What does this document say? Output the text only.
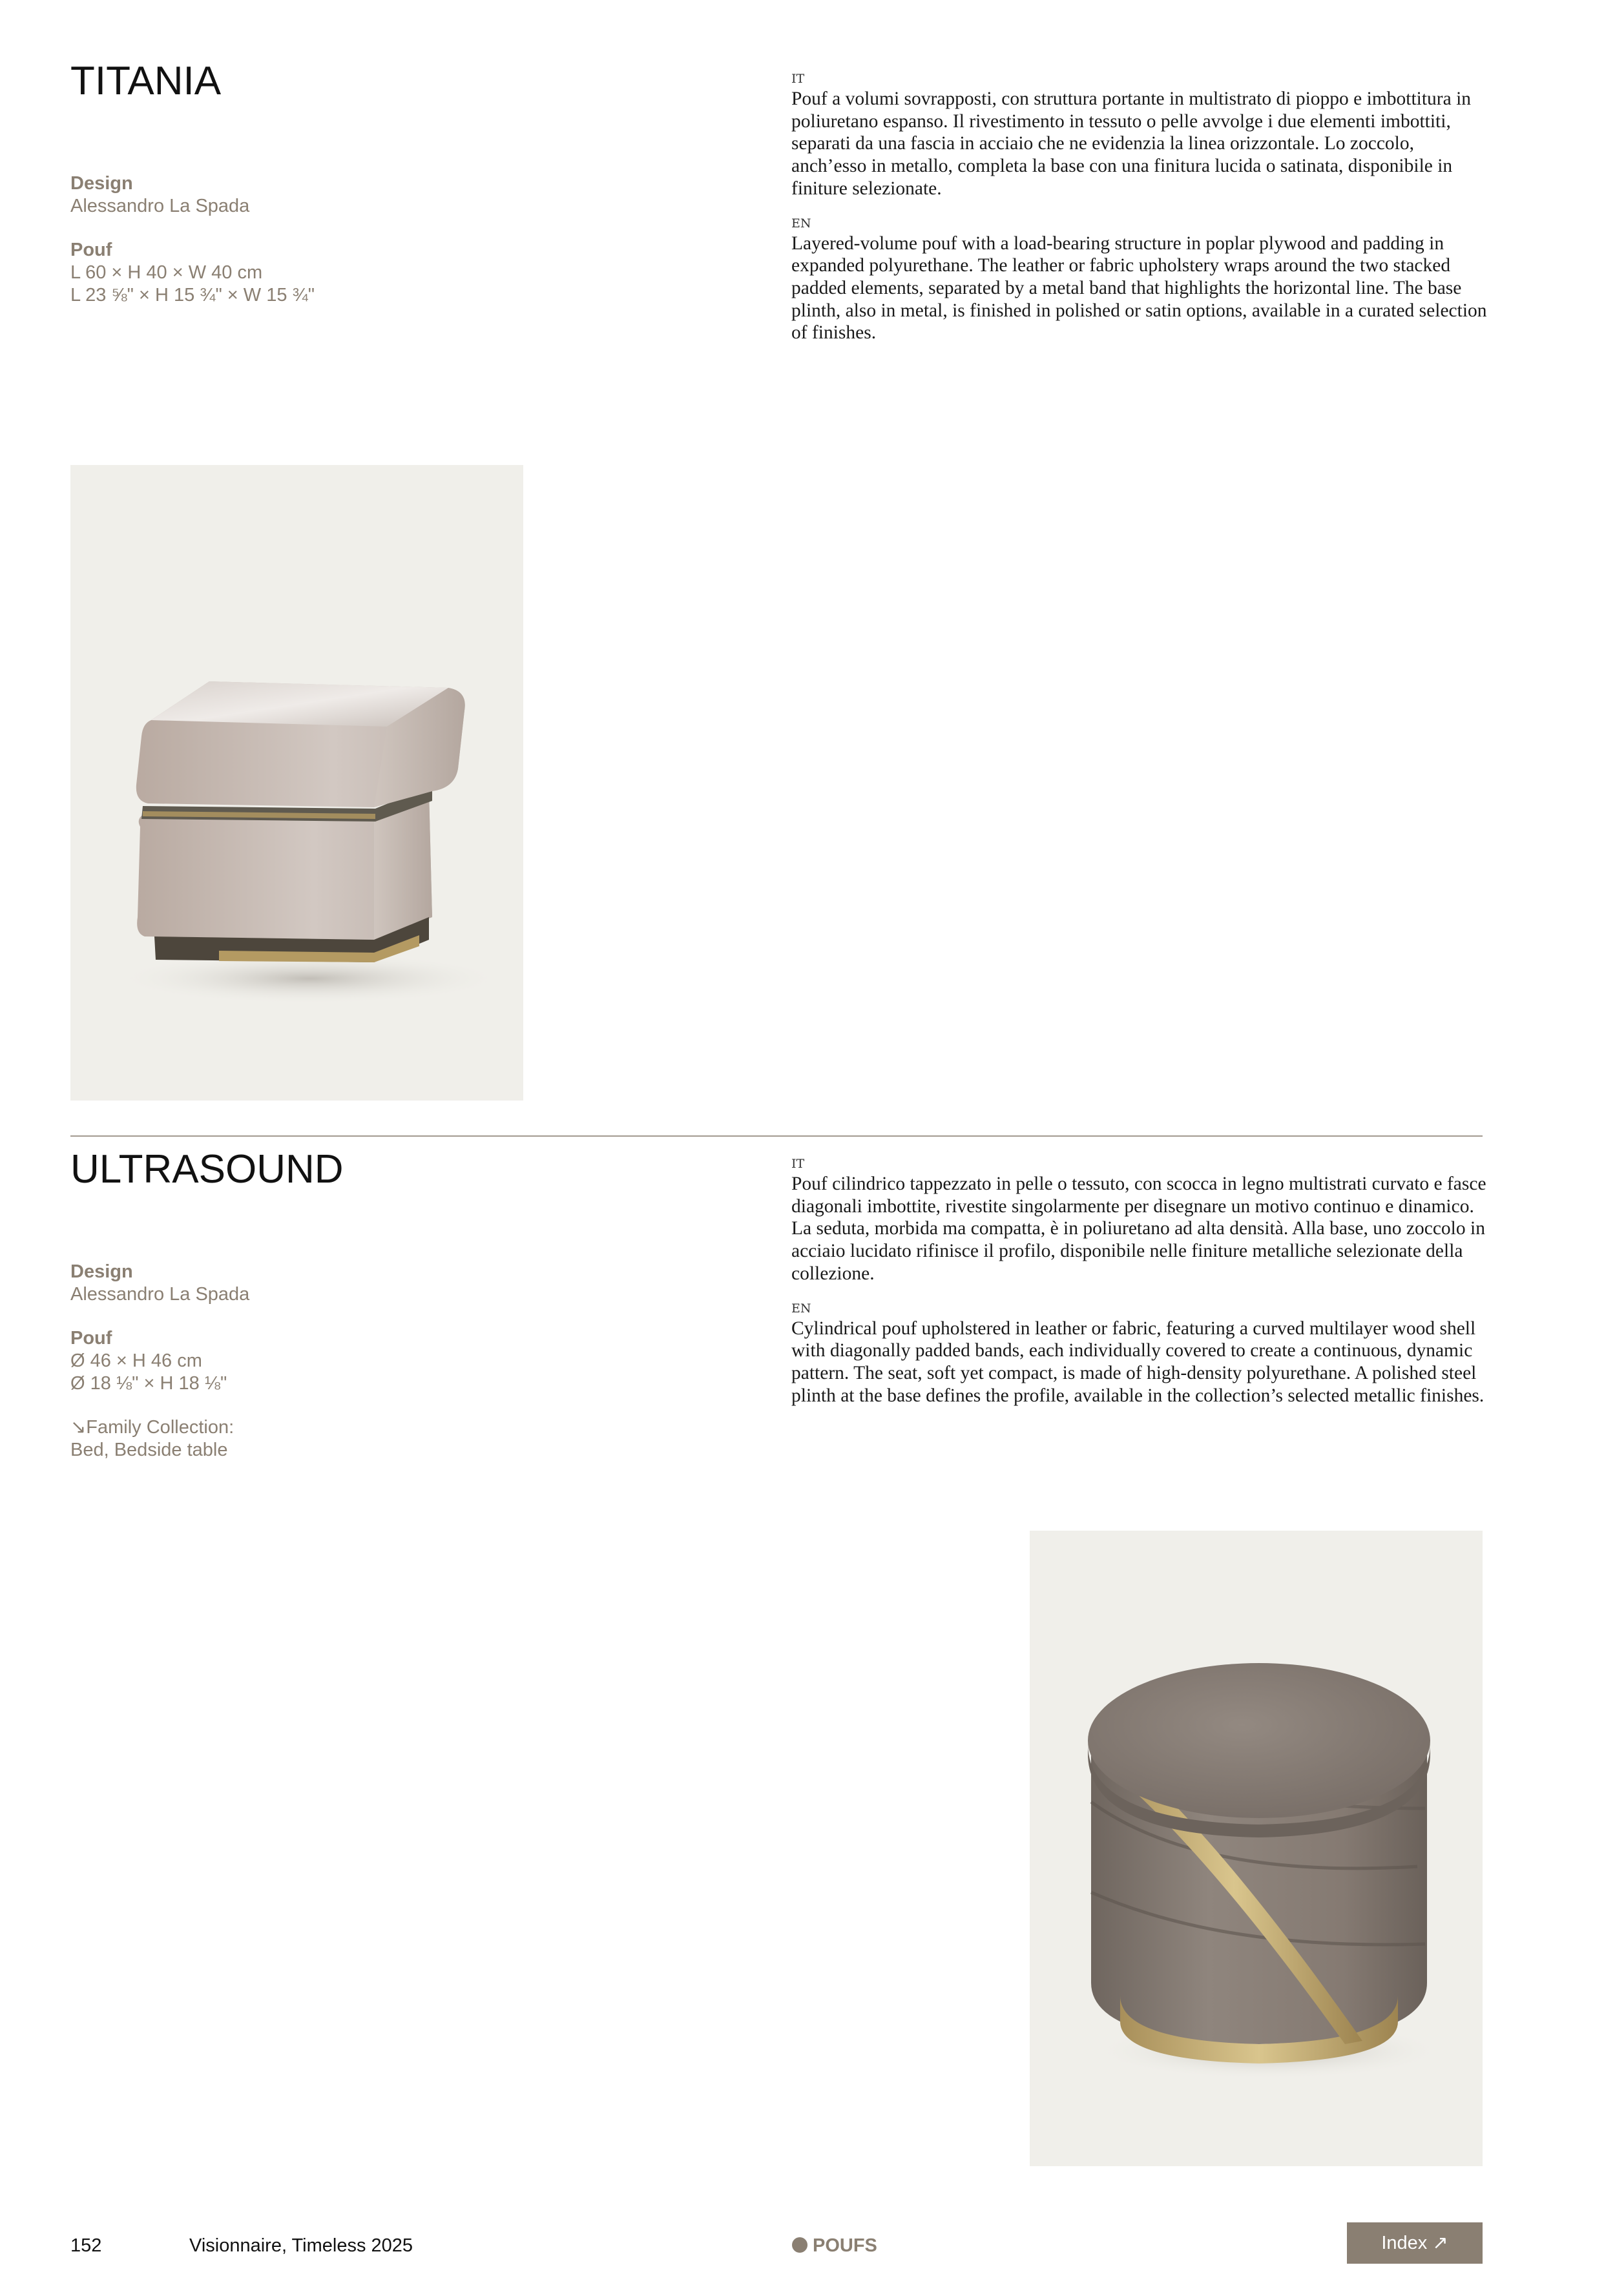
TITANIA
Design
Alessandro La Spada
Pouf
L 60 × H 40 × W 40 cm
L 23 ⅝" × H 15 ¾" × W 15 ¾"
IT

Pouf a volumi sovrapposti, con struttura portante in multistrato di pioppo e imbottitura in poliuretano espanso. Il rivestimento in tessuto o pelle avvolge i due elementi imbottiti, separati da una fascia in acciaio che ne evidenzia la linea orizzontale. Lo zoccolo, anch’esso in metallo, completa la base con una finitura lucida o satinata, disponibile in finiture selezionate.

EN

Layered-volume pouf with a load-bearing structure in poplar plywood and padding in expanded polyurethane. The leather or fabric upholstery wraps around the two stacked padded elements, separated by a metal band that highlights the horizontal line. The base plinth, also in metal, is finished in polished or satin options, available in a curated selection of finishes.

ULTRASOUND
Design
Alessandro La Spada
Pouf
Ø 46 × H 46 cm
Ø 18 ⅛" × H 18 ⅛"
↘Family Collection:
Bed, Bedside table
IT

Pouf cilindrico tappezzato in pelle o tessuto, con scocca in legno multistrati curvato e fasce diagonali imbottite, rivestite singolarmente per disegnare un motivo continuo e dinamico. La seduta, morbida ma compatta, è in poliuretano ad alta densità. Alla base, uno zoccolo in acciaio lucidato rifinisce il profilo, disponibile nelle finiture metalliche selezionate della collezione.

EN

Cylindrical pouf upholstered in leather or fabric, featuring a curved multilayer wood shell with diagonally padded bands, each individually covered to create a continuous, dynamic pattern. The seat, soft yet compact, is made of high-density polyurethane. A polished steel plinth at the base defines the profile, available in the collection’s selected metallic finishes.

152	Visionnaire, Timeless 2025	POUFS	Index ↗
